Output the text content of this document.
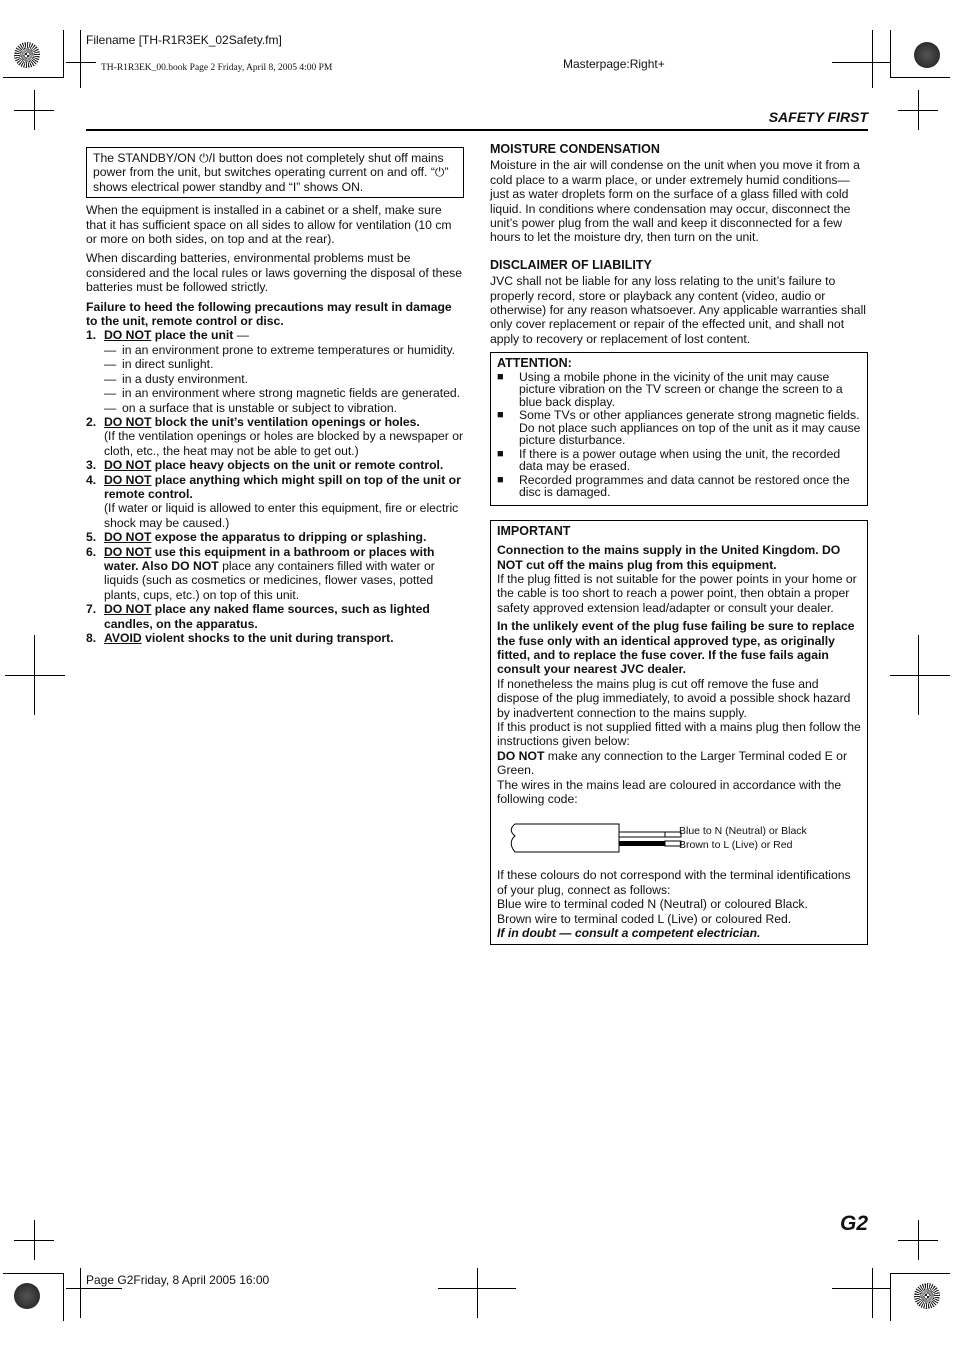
Filename [TH-R1R3EK_02Safety.fm]
TH-R1R3EK_00.book Page 2 Friday, April 8, 2005 4:00 PM	Masterpage:Right+
Page G2Friday, 8 April 2005 16:00
SAFETY FIRST
The STANDBY/ON ⏻/I button does not completely shut off mains power from the unit, but switches operating current on and off. “⏻” shows electrical power standby and “I” shows ON.

When the equipment is installed in a cabinet or a shelf, make sure that it has sufficient space on all sides to allow for ventilation (10 cm or more on both sides, on top and at the rear).

When discarding batteries, environmental problems must be considered and the local rules or laws governing the disposal of these batteries must be followed strictly.

Failure to heed the following precautions may result in damage to the unit, remote control or disc.

1. DO NOT place the unit —
— in an environment prone to extreme temperatures or humidity.
— in direct sunlight.
— in a dusty environment.
— in an environment where strong magnetic fields are generated.
— on a surface that is unstable or subject to vibration.
2. DO NOT block the unit’s ventilation openings or holes.
(If the ventilation openings or holes are blocked by a newspaper or cloth, etc., the heat may not be able to get out.)
3. DO NOT place heavy objects on the unit or remote control.
4. DO NOT place anything which might spill on top of the unit or remote control.
(If water or liquid is allowed to enter this equipment, fire or electric shock may be caused.)
5. DO NOT expose the apparatus to dripping or splashing.
6. DO NOT use this equipment in a bathroom or places with water. Also DO NOT place any containers filled with water or liquids (such as cosmetics or medicines, flower vases, potted plants, cups, etc.) on top of this unit.
7. DO NOT place any naked flame sources, such as lighted candles, on the apparatus.
8. AVOID violent shocks to the unit during transport.
MOISTURE CONDENSATION

Moisture in the air will condense on the unit when you move it from a cold place to a warm place, or under extremely humid conditions—just as water droplets form on the surface of a glass filled with cold liquid. In conditions where condensation may occur, disconnect the unit’s power plug from the wall and keep it disconnected for a few hours to let the moisture dry, then turn on the unit.

DISCLAIMER OF LIABILITY

JVC shall not be liable for any loss relating to the unit’s failure to properly record, store or playback any content (video, audio or otherwise) for any reason whatsoever. Any applicable warranties shall only cover replacement or repair of the effected unit, and shall not apply to recovery or replacement of lost content.

ATTENTION:
■ Using a mobile phone in the vicinity of the unit may cause picture vibration on the TV screen or change the screen to a blue back display.
■ Some TVs or other appliances generate strong magnetic fields. Do not place such appliances on top of the unit as it may cause picture disturbance.
■ If there is a power outage when using the unit, the recorded data may be erased.
■ Recorded programmes and data cannot be restored once the disc is damaged.
IMPORTANT
Connection to the mains supply in the United Kingdom. DO NOT cut off the mains plug from this equipment.

If the plug fitted is not suitable for the power points in your home or the cable is too short to reach a power point, then obtain a proper safety approved extension lead/adapter or consult your dealer.

In the unlikely event of the plug fuse failing be sure to replace the fuse only with an identical approved type, as originally fitted, and to replace the fuse cover. If the fuse fails again consult your nearest JVC dealer.
If nonetheless the mains plug is cut off remove the fuse and dispose of the plug immediately, to avoid a possible shock hazard by inadvertent connection to the mains supply.
If this product is not supplied fitted with a mains plug then follow the instructions given below:
DO NOT make any connection to the Larger Terminal coded E or Green.
The wires in the mains lead are coloured in accordance with the following code:
Blue to N (Neutral) or Black
Brown to L (Live) or Red
If these colours do not correspond with the terminal identifications of your plug, connect as follows:
Blue wire to terminal coded N (Neutral) or coloured Black.
Brown wire to terminal coded L (Live) or coloured Red.
If in doubt — consult a competent electrician.
G2
